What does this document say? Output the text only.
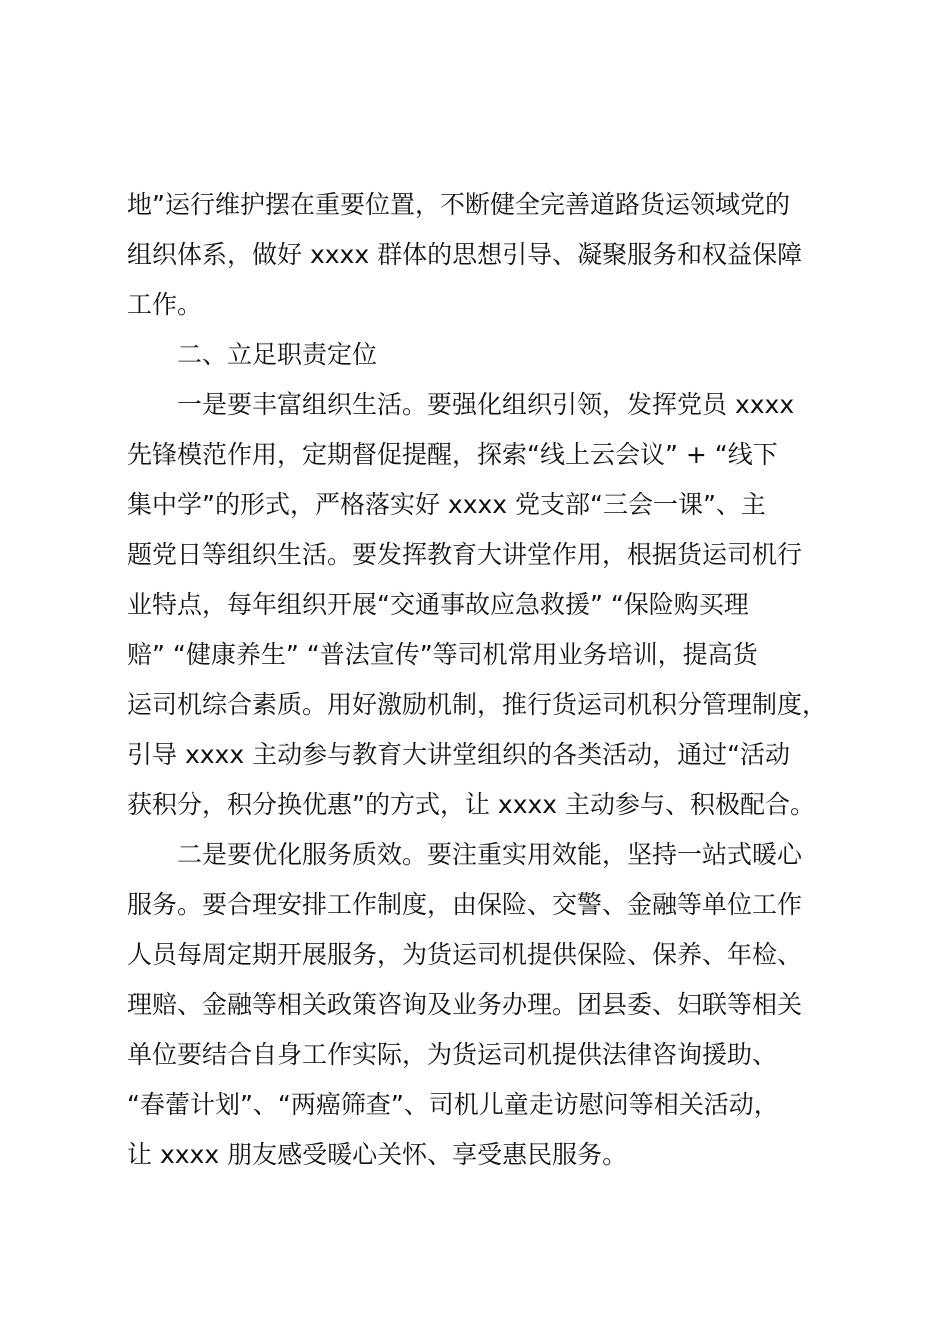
地”运行维护摆在重要位置，不断健全完善道路货运领域党的
组织体系，做好 xxxx 群体的思想引导、凝聚服务和权益保障
工作。
二、立足职责定位
一是要丰富组织生活。要强化组织引领，发挥党员 xxxx
先锋模范作用，定期督促提醒，探索“线上云会议” + “线下
集中学”的形式，严格落实好 xxxx 党支部“三会一课”、主
题党日等组织生活。要发挥教育大讲堂作用，根据货运司机行
业特点，每年组织开展“交通事故应急救援” “保险购买理
赔” “健康养生” “普法宣传”等司机常用业务培训，提高货
运司机综合素质。用好激励机制，推行货运司机积分管理制度，
引导 xxxx 主动参与教育大讲堂组织的各类活动，通过“活动
获积分，积分换优惠”的方式，让 xxxx 主动参与、积极配合。
二是要优化服务质效。要注重实用效能，坚持一站式暖心
服务。要合理安排工作制度，由保险、交警、金融等单位工作
人员每周定期开展服务，为货运司机提供保险、保养、年检、
理赔、金融等相关政策咨询及业务办理。团县委、妇联等相关
单位要结合自身工作实际，为货运司机提供法律咨询援助、
“春蕾计划”、“两癌筛查”、司机儿童走访慰问等相关活动，
让 xxxx 朋友感受暖心关怀、享受惠民服务。
